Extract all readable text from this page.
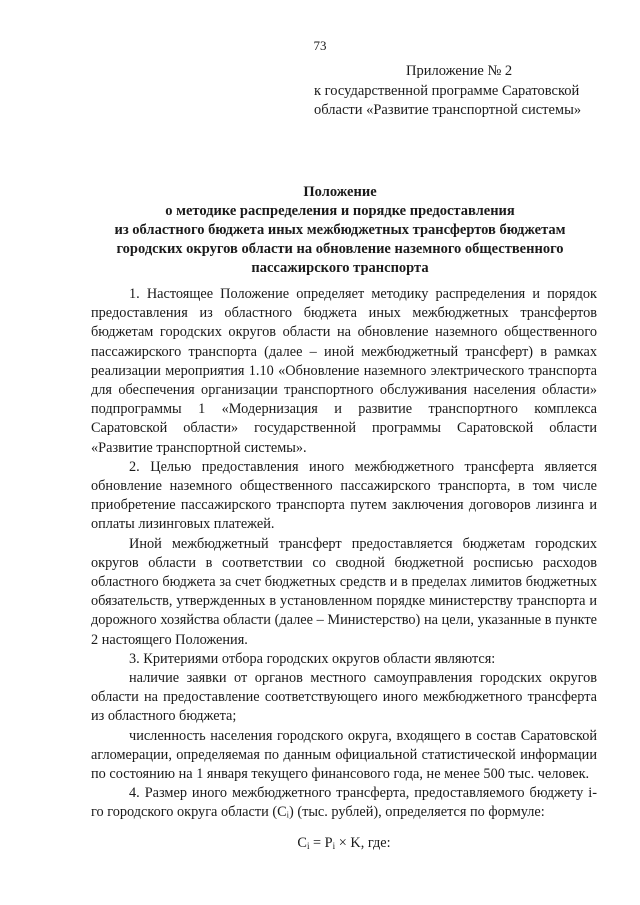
73
Приложение № 2
к государственной программе Саратовской
области «Развитие транспортной системы»
Положение
о методике распределения и порядке предоставления
из областного бюджета иных межбюджетных трансфертов бюджетам
городских округов области на обновление наземного общественного
пассажирского транспорта

1. Настоящее Положение определяет методику распределения и порядок предоставления из областного бюджета иных межбюджетных трансфертов бюджетам городских округов области на обновление наземного общественного пассажирского транспорта (далее – иной межбюджетный трансферт) в рамках реализации мероприятия 1.10 «Обновление наземного электрического транспорта для обеспечения организации транспортного обслуживания населения области» подпрограммы 1 «Модернизация и развитие транспортного комплекса Саратовской области» государственной программы Саратовской области «Развитие транспортной системы».

2. Целью предоставления иного межбюджетного трансферта является обновление наземного общественного пассажирского транспорта, в том числе приобретение пассажирского транспорта путем заключения договоров лизинга и оплаты лизинговых платежей.

Иной межбюджетный трансферт предоставляется бюджетам городских округов области в соответствии со сводной бюджетной росписью расходов областного бюджета за счет бюджетных средств и в пределах лимитов бюджетных обязательств, утвержденных в установленном порядке министерству транспорта и дорожного хозяйства области (далее – Министерство) на цели, указанные в пункте 2 настоящего Положения.

3. Критериями отбора городских округов области являются:

наличие заявки от органов местного самоуправления городских округов области на предоставление соответствующего иного межбюджетного трансферта из областного бюджета;

численность населения городского округа, входящего в состав Саратовской агломерации, определяемая по данным официальной статистической информации по состоянию на 1 января текущего финансового года, не менее 500 тыс. человек.

4. Размер иного межбюджетного трансферта, предоставляемого бюджету i-го городского округа области (Cᵢ) (тыс. рублей), определяется по формуле:

$C_i = P_i \times K$, где:
